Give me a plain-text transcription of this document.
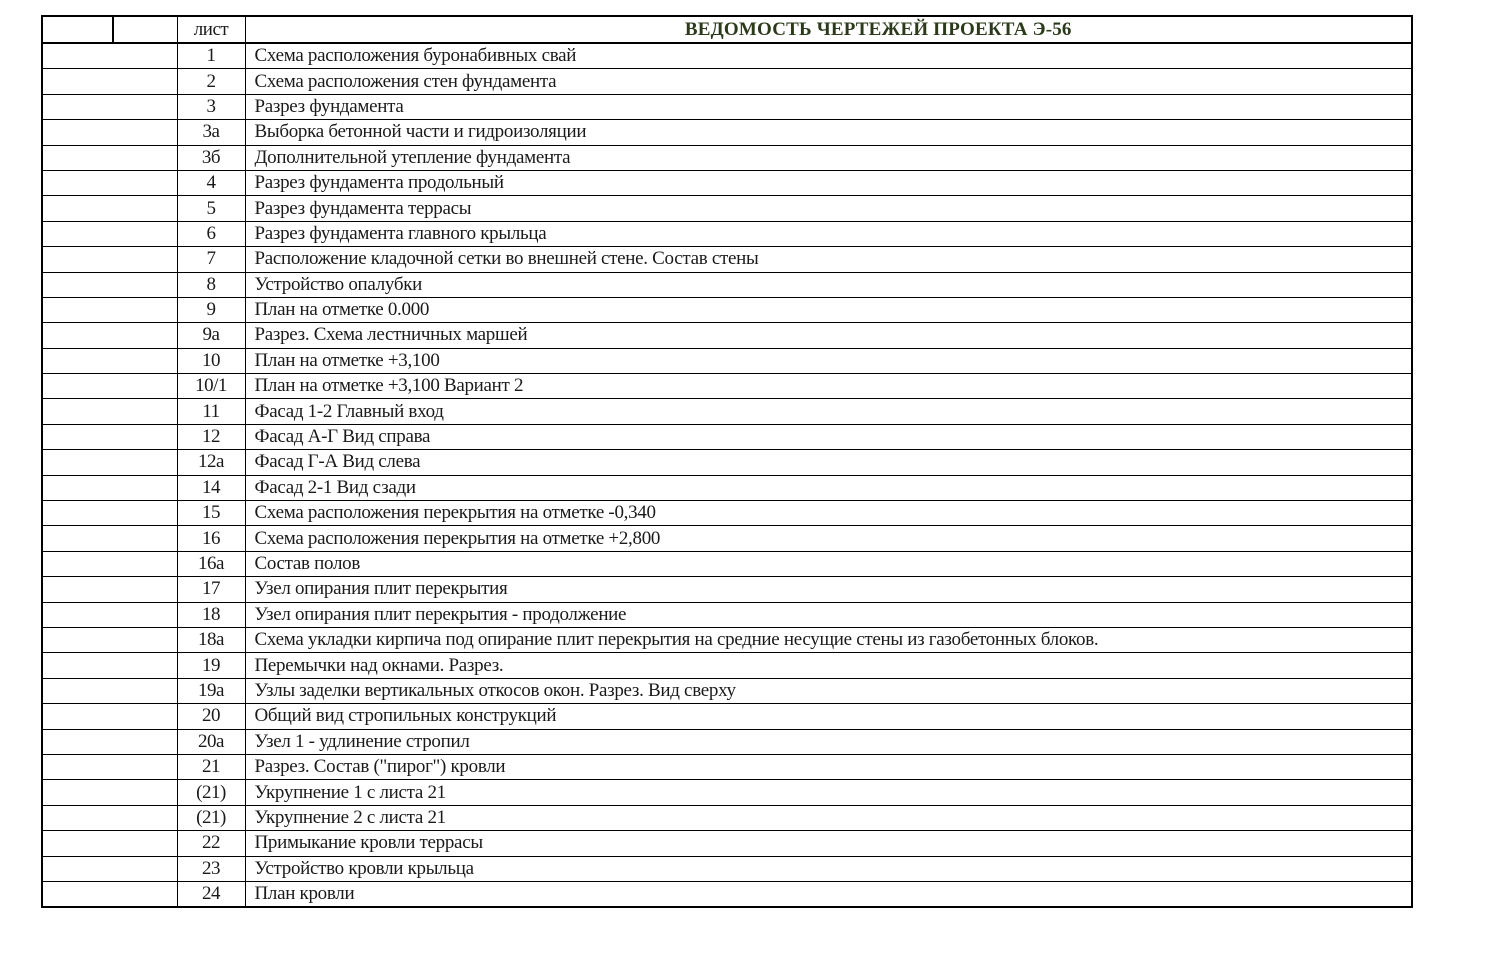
		лист	ВЕДОМОСТЬ ЧЕРТЕЖЕЙ ПРОЕКТА Э-56
		1	Схема расположения буронабивных свай
		2	Схема расположения стен фундамента
		3	Разрез фундамента
		3а	Выборка бетонной части и гидроизоляции
		3б	Дополнительной утепление фундамента
		4	Разрез фундамента продольный
		5	Разрез фундамента террасы
		6	Разрез фундамента главного крыльца
		7	Расположение кладочной сетки во внешней стене. Состав стены
		8	Устройство опалубки
		9	План на отметке 0.000
		9а	Разрез. Схема лестничных маршей
		10	План на отметке +3,100
		10/1	План на отметке +3,100 Вариант 2
		11	Фасад 1-2 Главный вход
		12	Фасад А-Г Вид справа
		12а	Фасад Г-А Вид слева
		14	Фасад 2-1 Вид сзади
		15	Схема расположения перекрытия на отметке -0,340
		16	Схема расположения перекрытия на отметке +2,800
		16а	Состав полов
		17	Узел опирания плит перекрытия
		18	Узел опирания плит перекрытия - продолжение
		18а	Схема укладки кирпича под опирание плит перекрытия на средние несущие стены из газобетонных блоков.
		19	Перемычки над окнами. Разрез.
		19а	Узлы заделки вертикальных откосов окон. Разрез. Вид сверху
		20	Общий вид стропильных конструкций
		20а	Узел 1 - удлинение стропил
		21	Разрез. Состав ("пирог") кровли
		(21)	Укрупнение 1 с листа 21
		(21)	Укрупнение 2 с листа 21
		22	Примыкание кровли террасы
		23	Устройство кровли крыльца
		24	План кровли
